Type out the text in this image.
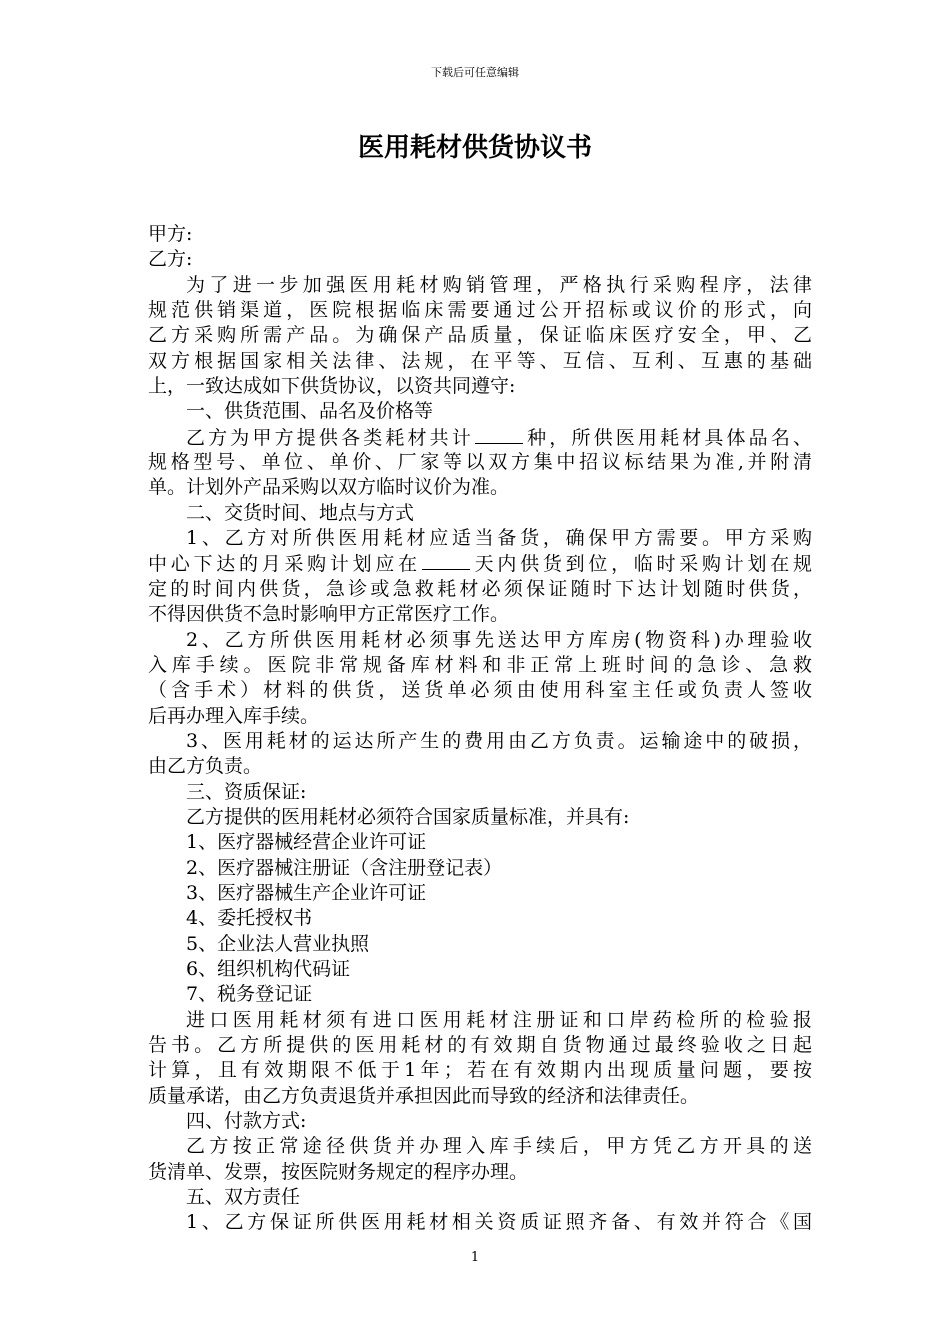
下载后可任意编辑
医用耗材供货协议书
甲方:
乙方:
为了进一步加强医用耗材购销管理，严格执行采购程序，法律
规范供销渠道，医院根据临床需要通过公开招标或议价的形式，向
乙方采购所需产品。为确保产品质量，保证临床医疗安全，甲、乙
双方根据国家相关法律、法规，在平等、互信、互利、互惠的基础
上，一致达成如下供货协议，以资共同遵守:
一、供货范围、品名及价格等
乙方为甲方提供各类耗材共计	种，所供医用耗材具体品名、
规格型号、单位、单价、厂家等以双方集中招议标结果为准,并附清
单。计划外产品采购以双方临时议价为准。
二、交货时间、地点与方式
1、乙方对所供医用耗材应适当备货，确保甲方需要。甲方采购
中心下达的月采购计划应在	天内供货到位，临时采购计划在规
定的时间内供货，急诊或急救耗材必须保证随时下达计划随时供货，
不得因供货不急时影响甲方正常医疗工作。
2、乙方所供医用耗材必须事先送达甲方库房(物资科)办理验收
入库手续。医院非常规备库材料和非正常上班时间的急诊、急救
（含手术）材料的供货，送货单必须由使用科室主任或负责人签收
后再办理入库手续。
3、医用耗材的运达所产生的费用由乙方负责。运输途中的破损，
由乙方负责。
三、资质保证:
乙方提供的医用耗材必须符合国家质量标准，并具有:
1、医疗器械经营企业许可证
2、医疗器械注册证（含注册登记表）
3、医疗器械生产企业许可证
4、委托授权书
5、企业法人营业执照
6、组织机构代码证
7、税务登记证
进口医用耗材须有进口医用耗材注册证和口岸药检所的检验报
告书。乙方所提供的医用耗材的有效期自货物通过最终验收之日起
计算，且有效期限不低于1年；若在有效期内出现质量问题，要按
质量承诺，由乙方负责退货并承担因此而导致的经济和法律责任。
四、付款方式:
乙方按正常途径供货并办理入库手续后，甲方凭乙方开具的送
货清单、发票，按医院财务规定的程序办理。
五、双方责任
1、乙方保证所供医用耗材相关资质证照齐备、有效并符合《国
1
